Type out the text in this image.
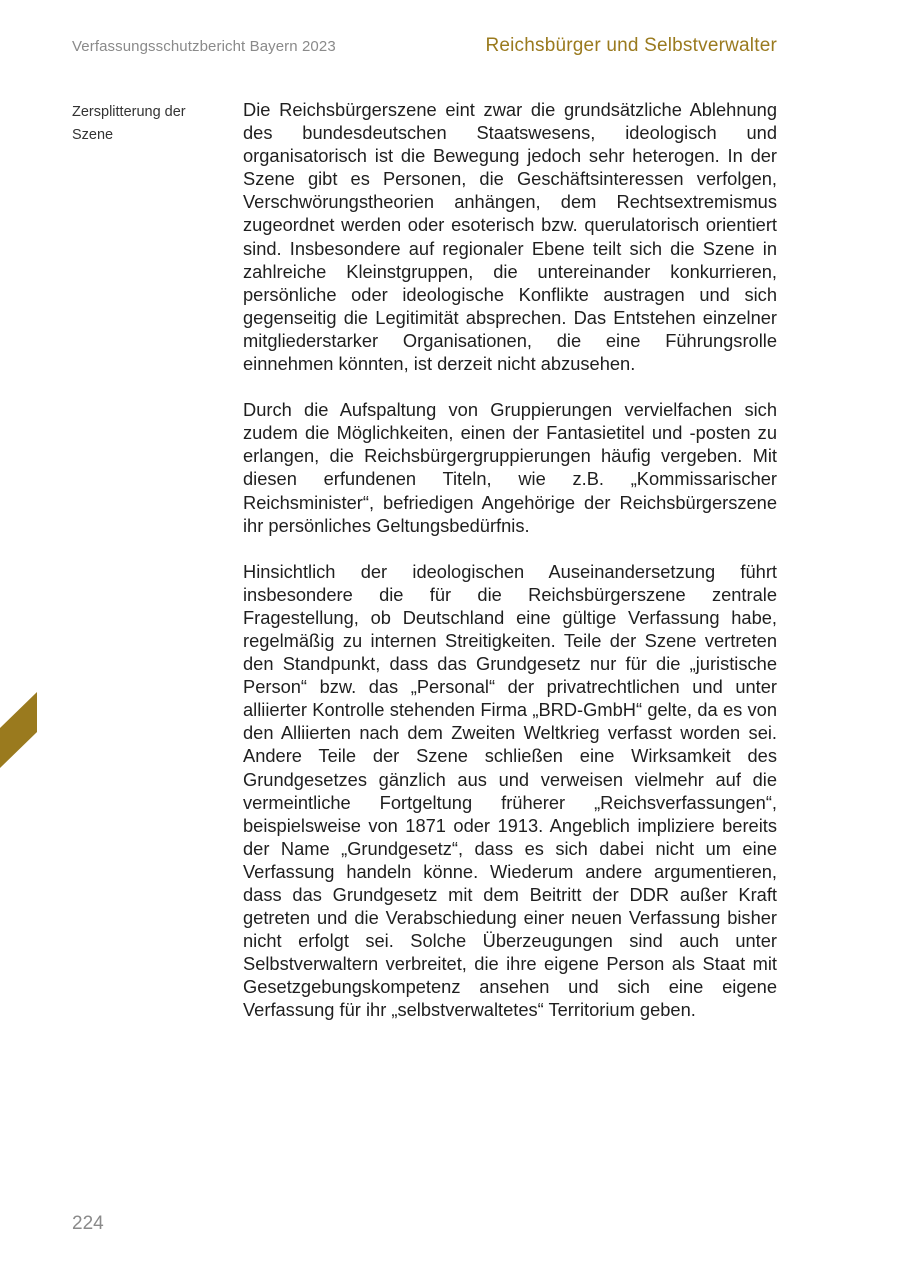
Verfassungsschutzbericht Bayern 2023	Reichsbürger und Selbstverwalter
Zersplitterung der Szene

Die Reichsbürgerszene eint zwar die grundsätzliche Ablehnung des bundesdeutschen Staatswesens, ideologisch und organisatorisch ist die Bewegung jedoch sehr heterogen. In der Szene gibt es Personen, die Geschäftsinteressen verfolgen, Verschwörungstheorien anhängen, dem Rechtsextremismus zugeordnet werden oder esoterisch bzw. querulatorisch orientiert sind. Insbesondere auf regionaler Ebene teilt sich die Szene in zahlreiche Kleinstgruppen, die untereinander konkurrieren, persönliche oder ideologische Konflikte austragen und sich gegenseitig die Legitimität absprechen. Das Entstehen einzelner mitgliederstarker Organisationen, die eine Führungsrolle einnehmen könnten, ist derzeit nicht abzusehen.

Durch die Aufspaltung von Gruppierungen vervielfachen sich zudem die Möglichkeiten, einen der Fantasietitel und -posten zu erlangen, die Reichsbürgergruppierungen häufig vergeben. Mit diesen erfundenen Titeln, wie z.B. „Kommissarischer Reichsminister“, befriedigen Angehörige der Reichsbürgerszene ihr persönliches Geltungsbedürfnis.

Hinsichtlich der ideologischen Auseinandersetzung führt insbesondere die für die Reichsbürgerszene zentrale Fragestellung, ob Deutschland eine gültige Verfassung habe, regelmäßig zu internen Streitigkeiten. Teile der Szene vertreten den Standpunkt, dass das Grundgesetz nur für die „juristische Person“ bzw. das „Personal“ der privatrechtlichen und unter alliierter Kontrolle stehenden Firma „BRD-GmbH“ gelte, da es von den Alliierten nach dem Zweiten Weltkrieg verfasst worden sei. Andere Teile der Szene schließen eine Wirksamkeit des Grundgesetzes gänzlich aus und verweisen vielmehr auf die vermeintliche Fortgeltung früherer „Reichsverfassungen“, beispielsweise von 1871 oder 1913. Angeblich impliziere bereits der Name „Grundgesetz“, dass es sich dabei nicht um eine Verfassung handeln könne. Wiederum andere argumentieren, dass das Grundgesetz mit dem Beitritt der DDR außer Kraft getreten und die Verabschiedung einer neuen Verfassung bisher nicht erfolgt sei. Solche Überzeugungen sind auch unter Selbstverwaltern verbreitet, die ihre eigene Person als Staat mit Gesetzgebungskompetenz ansehen und sich eine eigene Verfassung für ihr „selbstverwaltetes“ Territorium geben.

224
